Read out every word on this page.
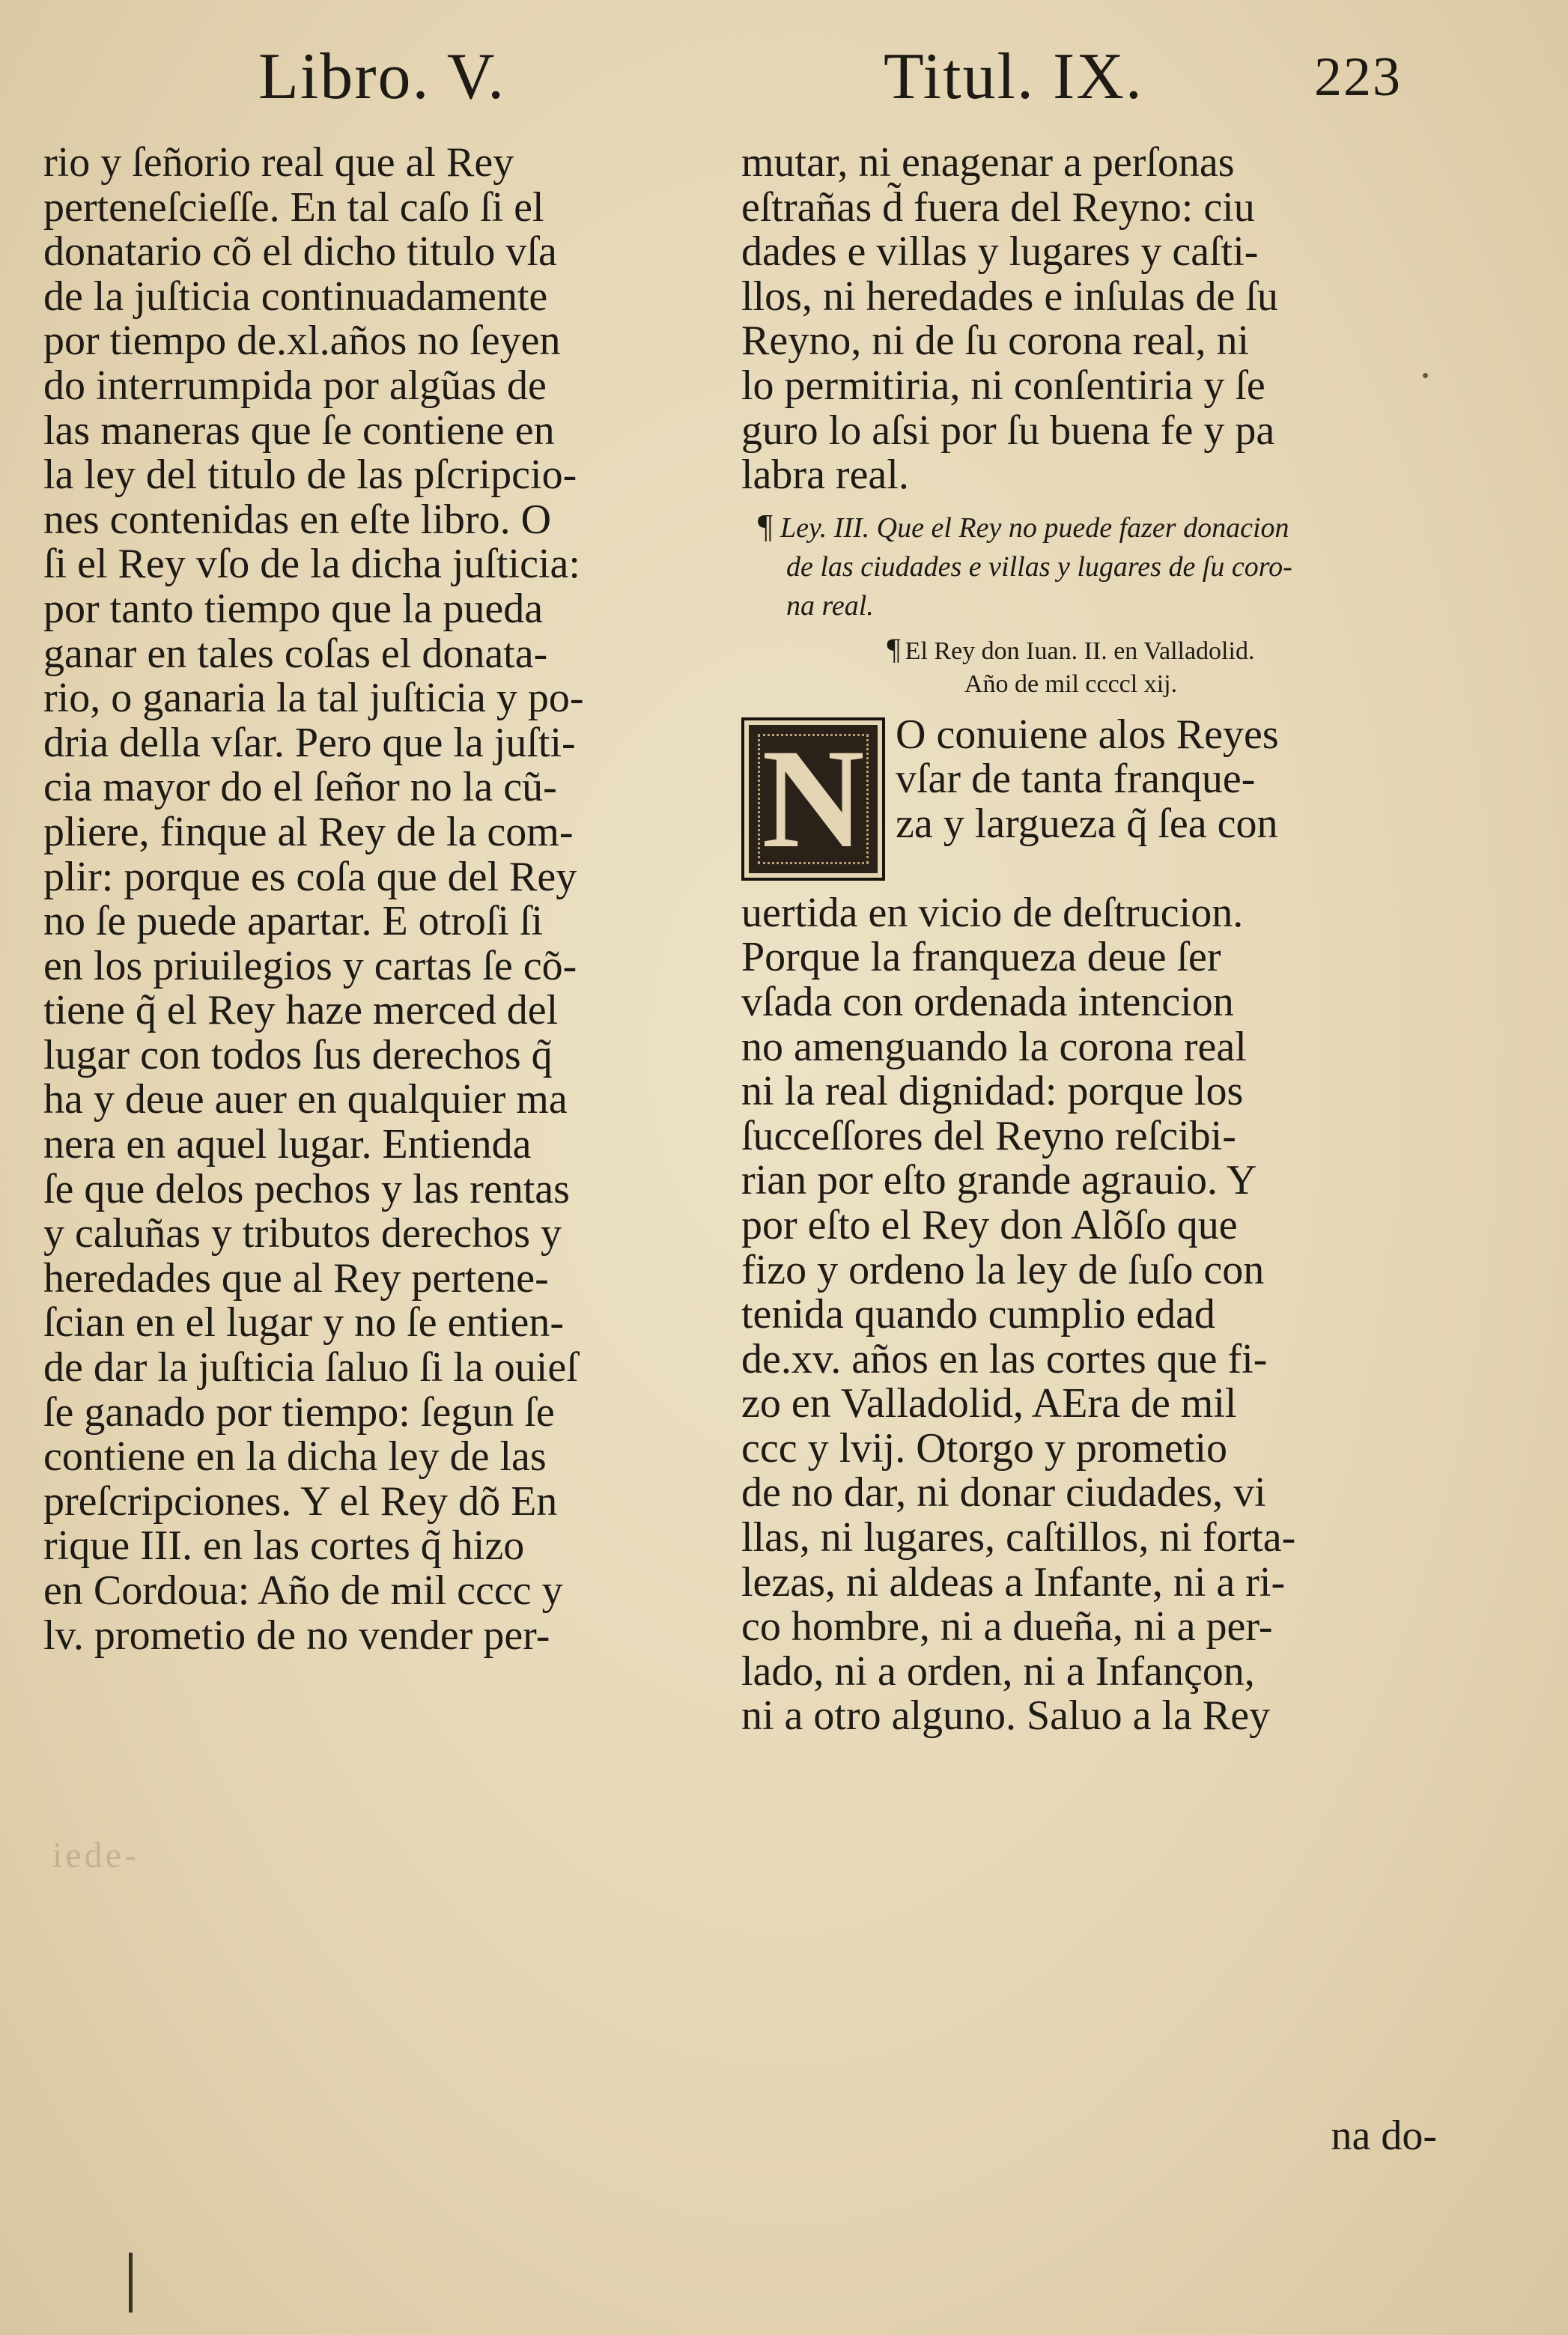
Libro. V.	Titul. IX.	223
rio y ſeñorio real que al Rey
perteneſcieſſe. En tal caſo ſi el
donatario cõ el dicho titulo vſa
de la juſticia continuadamente
por tiempo de.xl.años no ſeyen
do interrumpida por algũas de
las maneras que ſe contiene en
la ley del titulo de las pſcripcio-
nes contenidas en eſte libro. O
ſi el Rey vſo de la dicha juſticia:
por tanto tiempo que la pueda
ganar en tales coſas el donata-
rio, o ganaria la tal juſticia y po-
dria della vſar. Pero que la juſti-
cia mayor do el ſeñor no la cũ-
pliere, finque al Rey de la com-
plir: porque es coſa que del Rey
no ſe puede apartar. E otroſi ſi
en los priuilegios y cartas ſe cõ-
tiene q̃ el Rey haze merced del
lugar con todos ſus derechos q̃
ha y deue auer en qualquier ma
nera en aquel lugar. Entienda
ſe que delos pechos y las rentas
y caluñas y tributos derechos y
heredades que al Rey pertene-
ſcian en el lugar y no ſe entien-
de dar la juſticia ſaluo ſi la ouieſ
ſe ganado por tiempo: ſegun ſe
contiene en la dicha ley de las
preſcripciones. Y el Rey dõ En
rique III. en las cortes q̃ hizo
en Cordoua: Año de mil cccc y
lv. prometio de no vender per-
mutar, ni enagenar a perſonas
eſtrañas d̃ fuera del Reyno: ciu
dades e villas y lugares y caſti-
llos, ni heredades e inſulas de ſu
Reyno, ni de ſu corona real, ni
lo permitiria, ni conſentiria y ſe
guro lo aſsi por ſu buena fe y pa
labra real.
¶ Ley. III. Que el Rey no puede fazer donacion
de las ciudades e villas y lugares de ſu coro-
na real.
¶ El Rey don Iuan. II. en Valladolid.
Año de mil ccccl xij.
N O conuiene alos Reyes
vſar de tanta franque-
za y largueza q̃ ſea con
uertida en vicio de deſtrucion.
Porque la franqueza deue ſer
vſada con ordenada intencion
no amenguando la corona real
ni la real dignidad: porque los
ſucceſſores del Reyno reſcibi-
rian por eſto grande agrauio. Y
por eſto el Rey don Alõſo que
fizo y ordeno la ley de ſuſo con
tenida quando cumplio edad
de.xv. años en las cortes que fi-
zo en Valladolid, AEra de mil
ccc y lvij. Otorgo y prometio
de no dar, ni donar ciudades, vi
llas, ni lugares, caſtillos, ni forta-
lezas, ni aldeas a Infante, ni a ri-
co hombre, ni a dueña, ni a per-
lado, ni a orden, ni a Infançon,
ni a otro alguno. Saluo a la Rey
na do-
iede-
